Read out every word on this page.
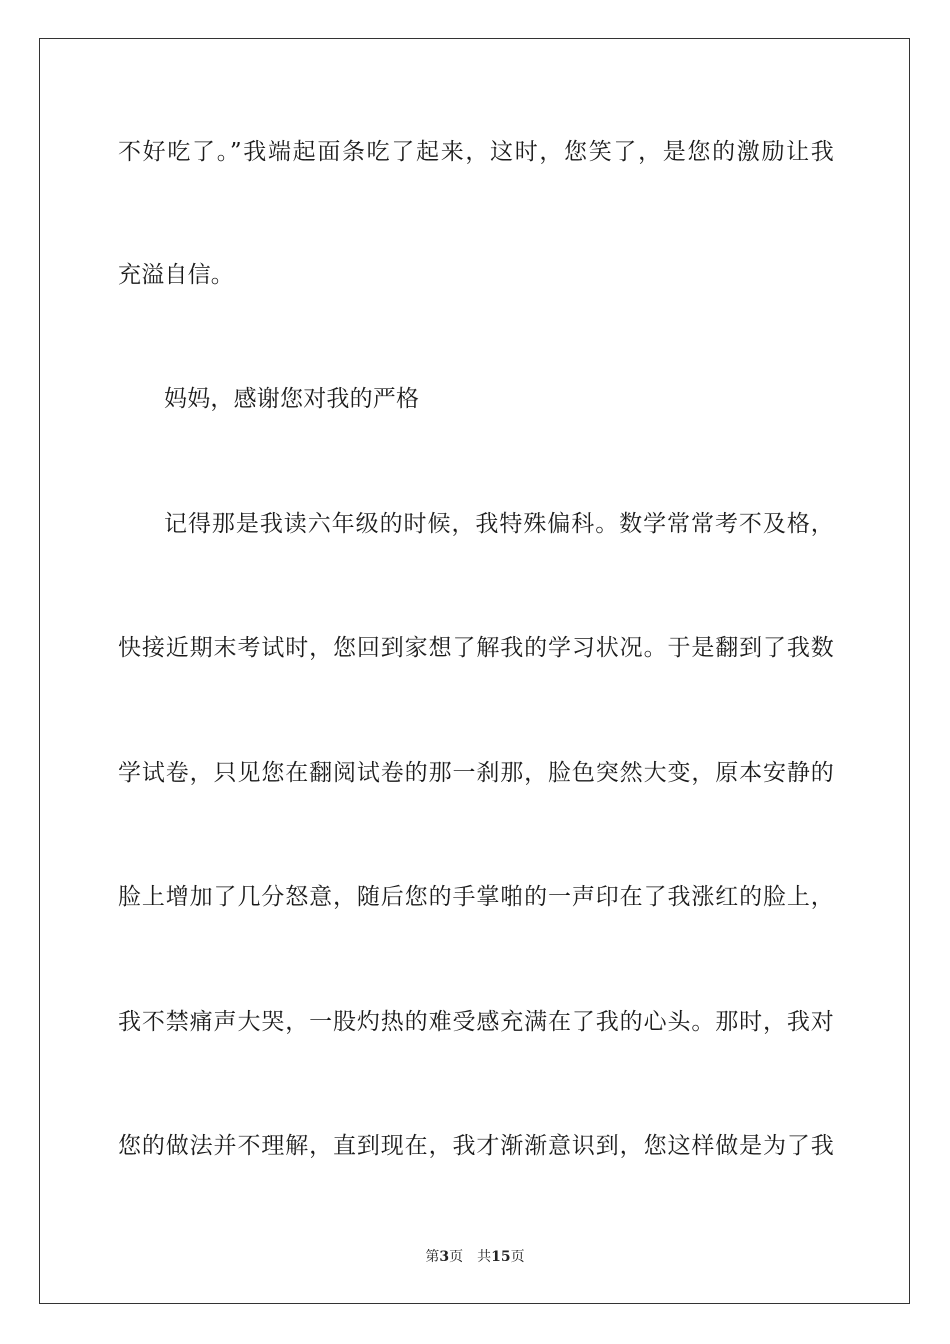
不好吃了。”我端起面条吃了起来，这时，您笑了，是您的激励让我
充溢自信。
妈妈，感谢您对我的严格
记得那是我读六年级的时候，我特殊偏科。数学常常考不及格，
快接近期末考试时，您回到家想了解我的学习状况。于是翻到了我数
学试卷，只见您在翻阅试卷的那一刹那，脸色突然大变，原本安静的
脸上增加了几分怒意，随后您的手掌啪的一声印在了我涨红的脸上，
我不禁痛声大哭，一股灼热的难受感充满在了我的心头。那时，我对
您的做法并不理解，直到现在，我才渐渐意识到，您这样做是为了我
第3页 共15页
